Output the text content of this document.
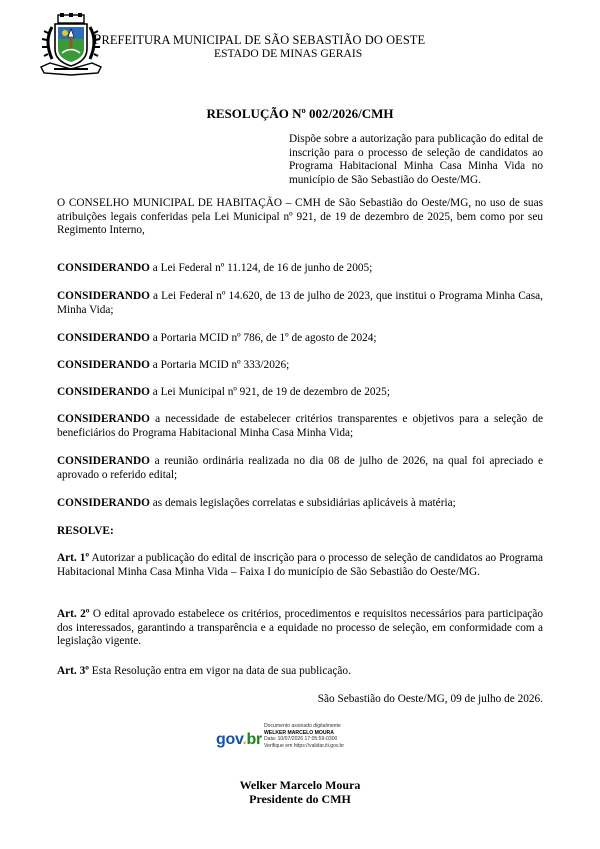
PREFEITURA MUNICIPAL DE SÃO SEBASTIÃO DO OESTE
ESTADO DE MINAS GERAIS
RESOLUÇÃO Nº 002/2026/CMH
Dispõe sobre a autorização para publicação do edital de inscrição para o processo de seleção de candidatos ao Programa Habitacional Minha Casa Minha Vida no município de São Sebastião do Oeste/MG.
O CONSELHO MUNICIPAL DE HABITAÇÃO – CMH de São Sebastião do Oeste/MG, no uso de suas atribuições legais conferidas pela Lei Municipal nº 921, de 19 de dezembro de 2025, bem como por seu Regimento Interno,
CONSIDERANDO a Lei Federal nº 11.124, de 16 de junho de 2005;
CONSIDERANDO a Lei Federal nº 14.620, de 13 de julho de 2023, que institui o Programa Minha Casa, Minha Vida;
CONSIDERANDO a Portaria MCID nº 786, de 1º de agosto de 2024;
CONSIDERANDO a Portaria MCID nº 333/2026;
CONSIDERANDO a Lei Municipal nº 921, de 19 de dezembro de 2025;
CONSIDERANDO a necessidade de estabelecer critérios transparentes e objetivos para a seleção de beneficiários do Programa Habitacional Minha Casa Minha Vida;
CONSIDERANDO a reunião ordinária realizada no dia 08 de julho de 2026, na qual foi apreciado e aprovado o referido edital;
CONSIDERANDO as demais legislações correlatas e subsidiárias aplicáveis à matéria;
RESOLVE:
Art. 1º Autorizar a publicação do edital de inscrição para o processo de seleção de candidatos ao Programa Habitacional Minha Casa Minha Vida – Faixa I do município de São Sebastião do Oeste/MG.
Art. 2º O edital aprovado estabelece os critérios, procedimentos e requisitos necessários para participação dos interessados, garantindo a transparência e a equidade no processo de seleção, em conformidade com a legislação vigente.
Art. 3º Esta Resolução entra em vigor na data de sua publicação.
São Sebastião do Oeste/MG, 09 de julho de 2026.
gov.br
Documento assinado digitalmente
WELKER MARCELO MOURA
Data: 10/07/2026 17:05:59-0300
Verifique em https://validar.iti.gov.br
Welker Marcelo Moura
Presidente do CMH
